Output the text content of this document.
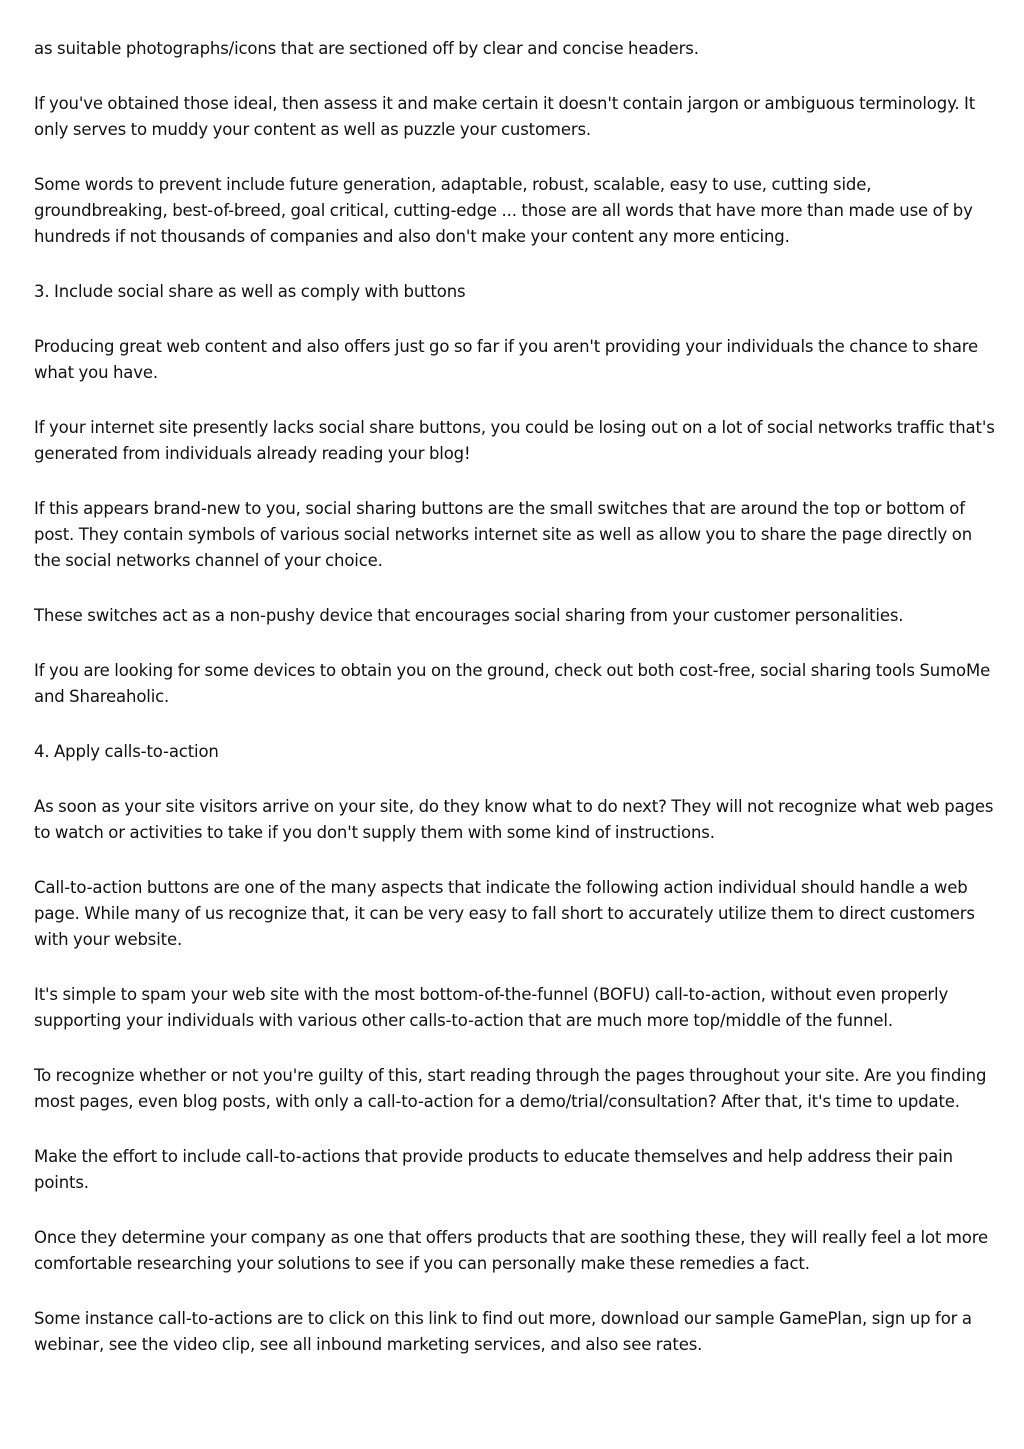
as suitable photographs/icons that are sectioned off by clear and concise headers.

If you've obtained those ideal, then assess it and make certain it doesn't contain jargon or ambiguous terminology. It only serves to muddy your content as well as puzzle your customers.

Some words to prevent include future generation, adaptable, robust, scalable, easy to use, cutting side, groundbreaking, best-of-breed, goal critical, cutting-edge ... those are all words that have more than made use of by hundreds if not thousands of companies and also don't make your content any more enticing.

3. Include social share as well as comply with buttons

Producing great web content and also offers just go so far if you aren't providing your individuals the chance to share what you have.

If your internet site presently lacks social share buttons, you could be losing out on a lot of social networks traffic that's generated from individuals already reading your blog!

If this appears brand-new to you, social sharing buttons are the small switches that are around the top or bottom of post. They contain symbols of various social networks internet site as well as allow you to share the page directly on the social networks channel of your choice.

These switches act as a non-pushy device that encourages social sharing from your customer personalities.

If you are looking for some devices to obtain you on the ground, check out both cost-free, social sharing tools SumoMe and Shareaholic.

4. Apply calls-to-action

As soon as your site visitors arrive on your site, do they know what to do next? They will not recognize what web pages to watch or activities to take if you don't supply them with some kind of instructions.

Call-to-action buttons are one of the many aspects that indicate the following action individual should handle a web page. While many of us recognize that, it can be very easy to fall short to accurately utilize them to direct customers with your website.

It's simple to spam your web site with the most bottom-of-the-funnel (BOFU) call-to-action, without even properly supporting your individuals with various other calls-to-action that are much more top/middle of the funnel.

To recognize whether or not you're guilty of this, start reading through the pages throughout your site. Are you finding most pages, even blog posts, with only a call-to-action for a demo/trial/consultation? After that, it's time to update.

Make the effort to include call-to-actions that provide products to educate themselves and help address their pain points.

Once they determine your company as one that offers products that are soothing these, they will really feel a lot more comfortable researching your solutions to see if you can personally make these remedies a fact.

Some instance call-to-actions are to click on this link to find out more, download our sample GamePlan, sign up for a webinar, see the video clip, see all inbound marketing services, and also see rates.
